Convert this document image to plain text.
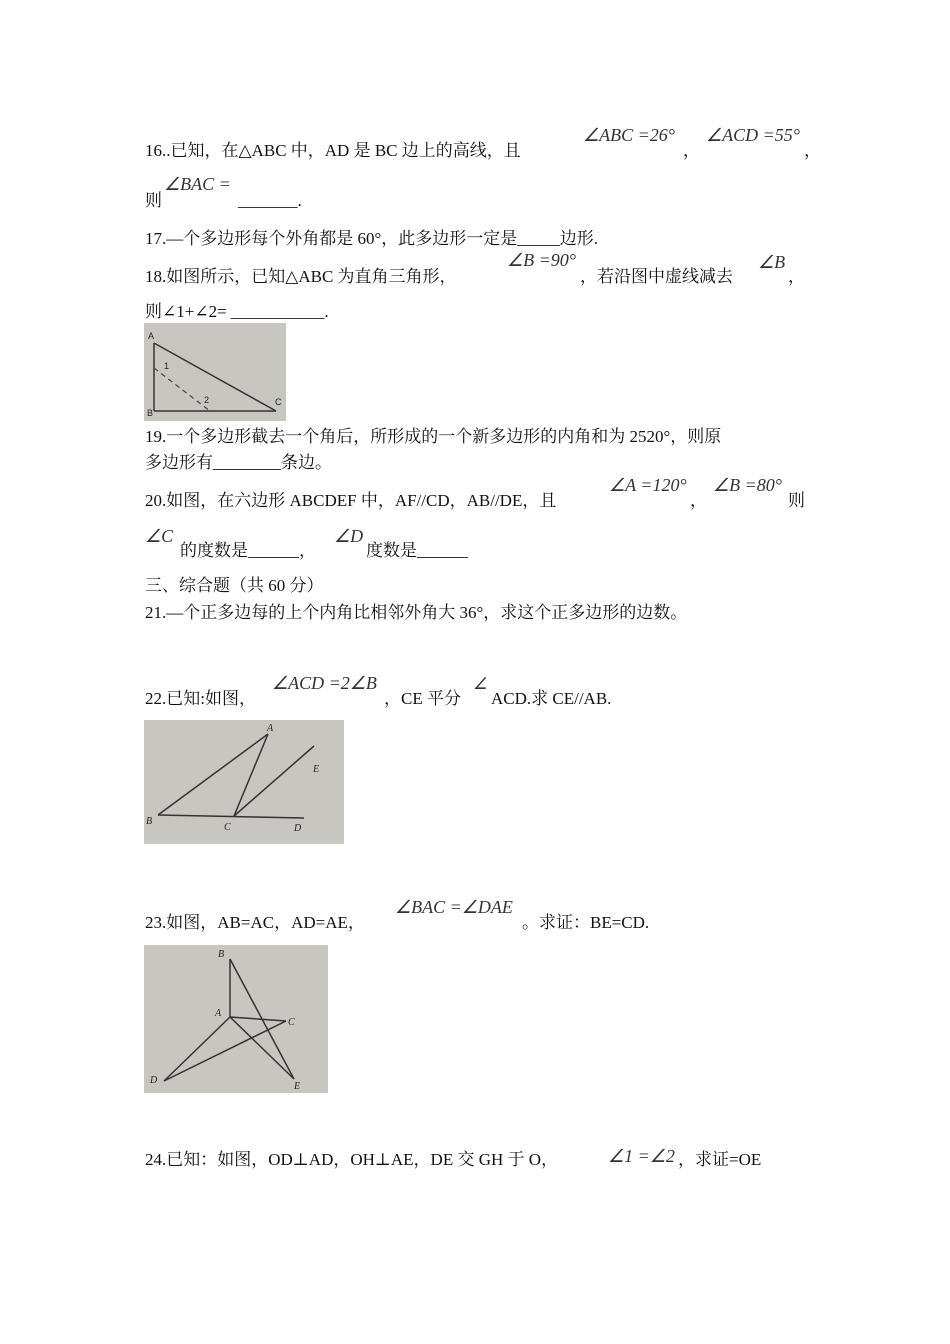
16..已知，在△ABC 中，AD 是 BC 边上的高线，且
∠ABC =26°
，
∠ACD =55°
，
则
∠BAC =
_______.
17.—个多边形每个外角都是 60°，此多边形一定是_____边形.
18.如图所示，已知△ABC 为直角三角形，
∠B =90°
，若沿图中虚线减去
∠B
，
则∠1+∠2= ___________.
A
B
C
1
2
19.一个多边形截去一个角后，所形成的一个新多边形的内角和为 2520°，则原
多边形有________条边。
20.如图，在六边形 ABCDEF 中，AF//CD，AB//DE，且
∠A =120°
，
∠B =80°
则
∠C
的度数是______，
∠D
度数是______
三、综合题（共 60 分）
21.—个正多边每的上个内角比相邻外角大 36°，求这个正多边形的边数。
22.已知:如图，
∠ACD =2∠B
，CE 平分
∠
ACD.求 CE//AB.
A
B
C	D
E
23.如图，AB=AC，AD=AE，
∠BAC =∠DAE
。求证：BE=CD.
B
A
C
D
E
24.已知：如图，OD⊥AD，OH⊥AE，DE 交 GH 于 O，	∠1 =∠2 ，求证=OE
